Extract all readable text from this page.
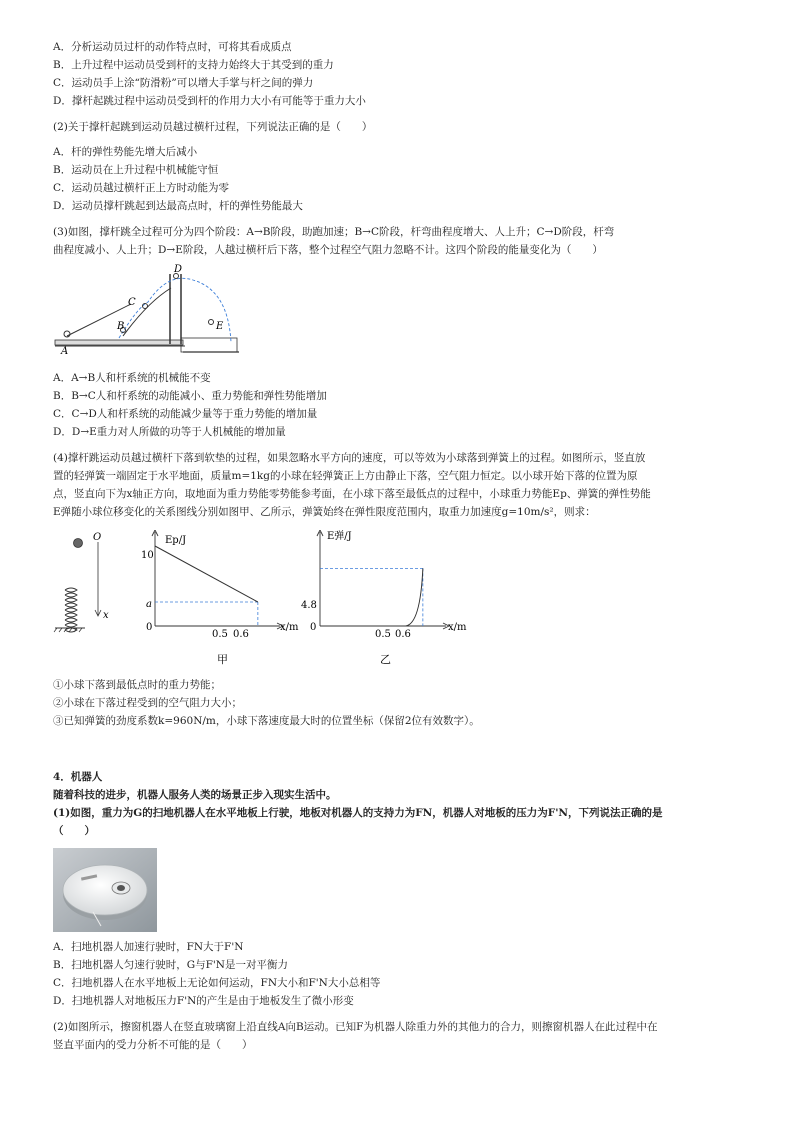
A．分析运动员过杆的动作特点时，可将其看成质点
B．上升过程中运动员受到杆的支持力始终大于其受到的重力
C．运动员手上涂“防滑粉”可以增大手掌与杆之间的弹力
D．撑杆起跳过程中运动员受到杆的作用力大小有可能等于重力大小
(2)关于撑杆起跳到运动员越过横杆过程，下列说法正确的是（　　）
A．杆的弹性势能先增大后减小
B．运动员在上升过程中机械能守恒
C．运动员越过横杆正上方时动能为零
D．运动员撑杆跳起到达最高点时，杆的弹性势能最大
(3)如图，撑杆跳全过程可分为四个阶段：A→B阶段，助跑加速；B→C阶段，杆弯曲程度增大、人上升；C→D阶段，杆弯
曲程度减小、人上升；D→E阶段，人越过横杆后下落，整个过程空气阻力忽略不计。这四个阶段的能量变化为（　　）
A
B
C
D
E
A．A→B人和杆系统的机械能不变
B．B→C人和杆系统的动能减小、重力势能和弹性势能增加
C．C→D人和杆系统的动能减少量等于重力势能的增加量
D．D→E重力对人所做的功等于人机械能的增加量
(4)撑杆跳运动员越过横杆下落到软垫的过程，如果忽略水平方向的速度，可以等效为小球落到弹簧上的过程。如图所示，竖直放
置的轻弹簧一端固定于水平地面，质量m=1kg的小球在轻弹簧正上方由静止下落，空气阻力恒定。以小球开始下落的位置为原
点，竖直向下为x轴正方向，取地面为重力势能零势能参考面，在小球下落至最低点的过程中，小球重力势能Ep、弹簧的弹性势能
E弹随小球位移变化的关系图线分别如图甲、乙所示，弹簧始终在弹性限度范围内，取重力加速度g=10m/s²，则求：
O
x
Ep/J
x/m
10
a
0
0.5 0.6
甲
E弹/J
x/m
4.8
0
0.5 0.6
乙
①小球下落到最低点时的重力势能；
②小球在下落过程受到的空气阻力大小；
③已知弹簧的劲度系数k=960N/m，小球下落速度最大时的位置坐标（保留2位有效数字）。
4．机器人
随着科技的进步，机器人服务人类的场景正步入现实生活中。
(1)如图，重力为G的扫地机器人在水平地板上行驶，地板对机器人的支持力为FN，机器人对地板的压力为F'N，下列说法正确的是
（　　）
A．扫地机器人加速行驶时，FN大于F'N
B．扫地机器人匀速行驶时，G与F'N是一对平衡力
C．扫地机器人在水平地板上无论如何运动，FN大小和F'N大小总相等
D．扫地机器人对地板压力F'N的产生是由于地板发生了微小形变
(2)如图所示，擦窗机器人在竖直玻璃窗上沿直线A向B运动。已知F为机器人除重力外的其他力的合力，则擦窗机器人在此过程中在
竖直平面内的受力分析不可能的是（　　）
